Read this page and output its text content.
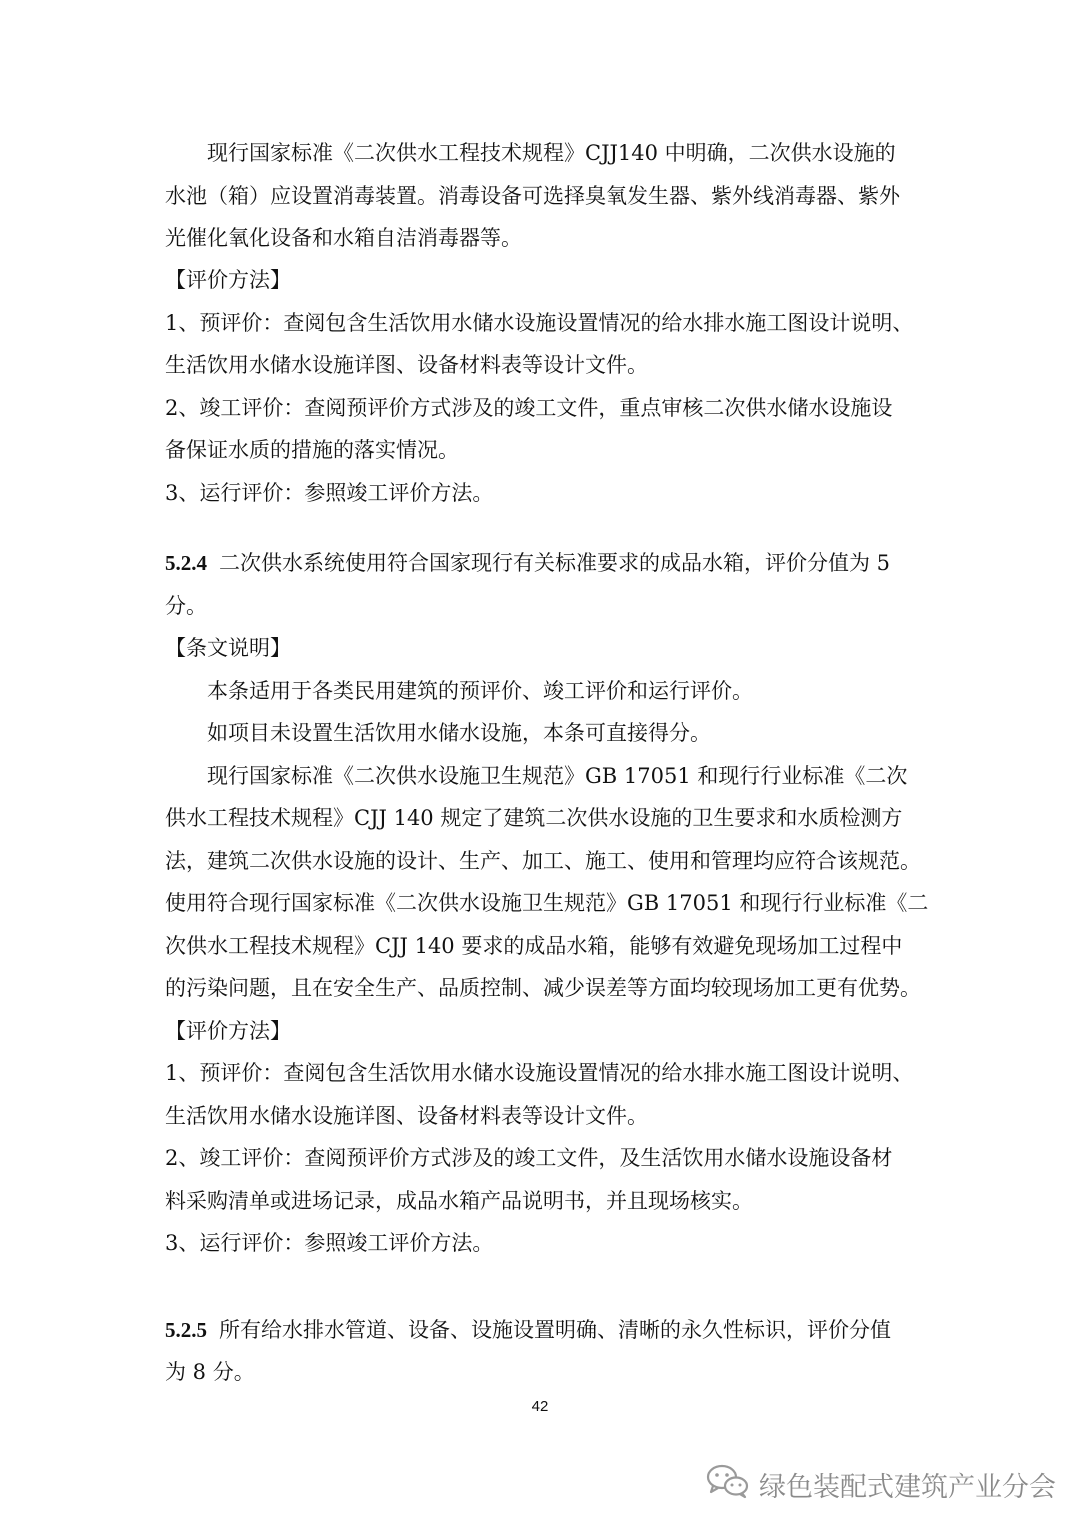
现行国家标准《二次供水工程技术规程》CJJ140 中明确，二次供水设施的
水池（箱）应设置消毒装置。消毒设备可选择臭氧发生器、紫外线消毒器、紫外
光催化氧化设备和水箱自洁消毒器等。
【评价方法】
1、预评价：查阅包含生活饮用水储水设施设置情况的给水排水施工图设计说明、
生活饮用水储水设施详图、设备材料表等设计文件。
2、竣工评价：查阅预评价方式涉及的竣工文件，重点审核二次供水储水设施设
备保证水质的措施的落实情况。
3、运行评价：参照竣工评价方法。
5.2.4 二次供水系统使用符合国家现行有关标准要求的成品水箱，评价分值为 5
分。
【条文说明】
本条适用于各类民用建筑的预评价、竣工评价和运行评价。
如项目未设置生活饮用水储水设施，本条可直接得分。
现行国家标准《二次供水设施卫生规范》GB 17051 和现行行业标准《二次
供水工程技术规程》CJJ 140 规定了建筑二次供水设施的卫生要求和水质检测方
法，建筑二次供水设施的设计、生产、加工、施工、使用和管理均应符合该规范。
使用符合现行国家标准《二次供水设施卫生规范》GB 17051 和现行行业标准《二
次供水工程技术规程》CJJ 140 要求的成品水箱，能够有效避免现场加工过程中
的污染问题，且在安全生产、品质控制、减少误差等方面均较现场加工更有优势。
【评价方法】
1、预评价：查阅包含生活饮用水储水设施设置情况的给水排水施工图设计说明、
生活饮用水储水设施详图、设备材料表等设计文件。
2、竣工评价：查阅预评价方式涉及的竣工文件，及生活饮用水储水设施设备材
料采购清单或进场记录，成品水箱产品说明书，并且现场核实。
3、运行评价：参照竣工评价方法。
5.2.5 所有给水排水管道、设备、设施设置明确、清晰的永久性标识，评价分值
为 8 分。
42
绿色装配式建筑产业分会
